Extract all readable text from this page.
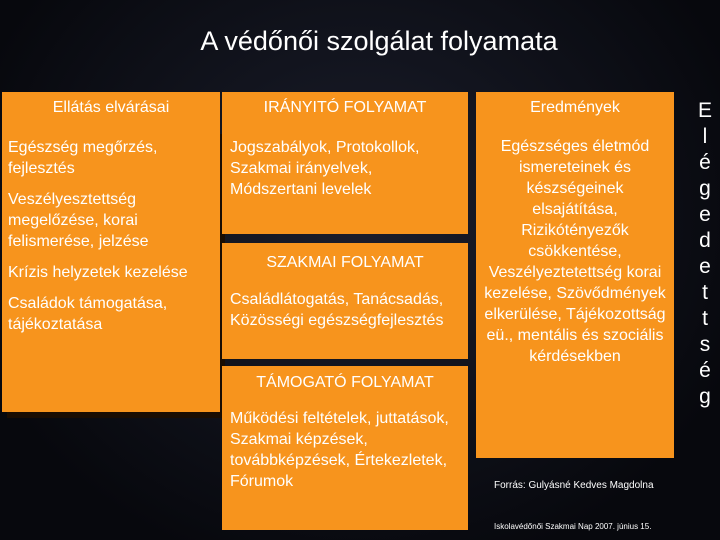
A védőnői szolgálat folyamata
Ellátás elvárásai

Egészség megőrzés, fejlesztés

Veszélyesztettség megelőzése, korai felismerése, jelzése

Krízis helyzetek kezelése

Családok támogatása, tájékoztatása

IRÁNYITÓ FOLYAMAT

Jogszabályok, Protokollok, Szakmai irányelvek, Módszertani levelek

SZAKMAI FOLYAMAT

Családlátogatás, Tanácsadás, Közösségi egészségfejlesztés

TÁMOGATÓ FOLYAMAT

Működési feltételek, juttatások, Szakmai képzések, továbbképzések, Értekezletek, Fórumok

Eredmények

Egészséges életmód ismereteinek és készségeinek elsajátítása, Rizikótényezők csökkentése, Veszélyeztetettség korai kezelése, Szövődmények elkerülése, Tájékozottság eü., mentális és szociális kérdésekben

Forrás: Gulyásné Kedves Magdolna
Iskolavédőnői Szakmai Nap 2007. június 15.
E
l
é
g
e
d
e
t
t
s
é
g
